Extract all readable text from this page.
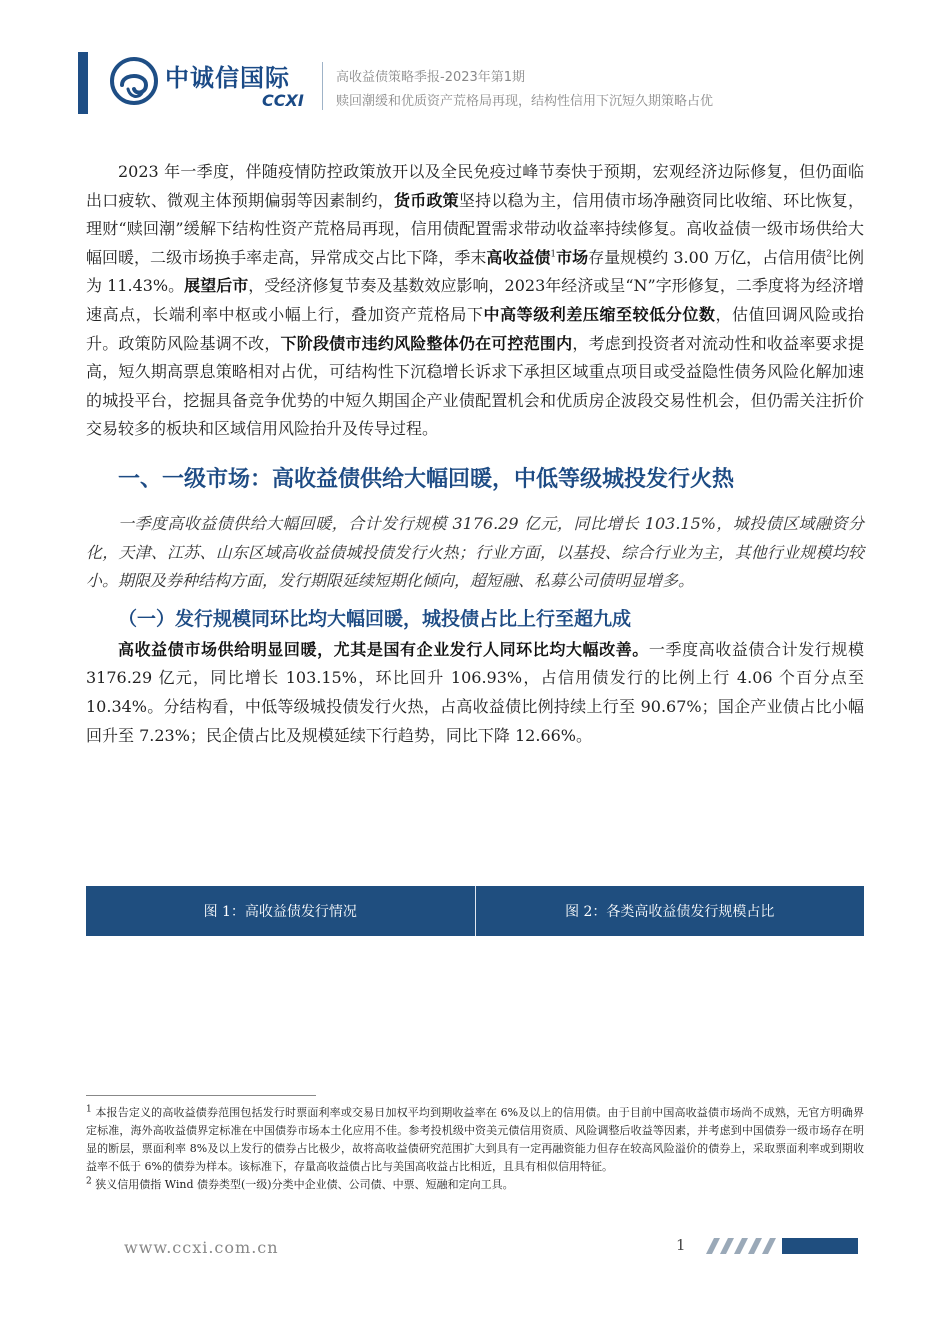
中诚信国际
CCXI
高收益债策略季报-2023年第1期
赎回潮缓和优质资产荒格局再现，结构性信用下沉短久期策略占优

2023 年一季度，伴随疫情防控政策放开以及全民免疫过峰节奏快于预期，宏观经济边际修复，但仍面临出口疲软、微观主体预期偏弱等因素制约，货币政策坚持以稳为主，信用债市场净融资同比收缩、环比恢复，理财“赎回潮”缓解下结构性资产荒格局再现，信用债配置需求带动收益率持续修复。高收益债一级市场供给大幅回暖，二级市场换手率走高，异常成交占比下降，季末高收益债$^1$市场存量规模约 3.00 万亿，占信用债$^2$比例为 11.43%。展望后市，受经济修复节奏及基数效应影响，2023年经济或呈“N”字形修复，二季度将为经济增速高点，长端利率中枢或小幅上行，叠加资产荒格局下中高等级利差压缩至较低分位数，估值回调风险或抬升。政策防风险基调不改，下阶段债市违约风险整体仍在可控范围内，考虑到投资者对流动性和收益率要求提高，短久期高票息策略相对占优，可结构性下沉稳增长诉求下承担区域重点项目或受益隐性债务风险化解加速的城投平台，挖掘具备竞争优势的中短久期国企产业债配置机会和优质房企波段交易性机会，但仍需关注折价交易较多的板块和区域信用风险抬升及传导过程。

一、一级市场：高收益债供给大幅回暖，中低等级城投发行火热

一季度高收益债供给大幅回暖，合计发行规模 3176.29 亿元，同比增长 103.15%，城投债区域融资分化，天津、江苏、山东区域高收益债城投债发行火热；行业方面，以基投、综合行业为主，其他行业规模均较小。期限及券种结构方面，发行期限延续短期化倾向，超短融、私募公司债明显增多。

（一）发行规模同环比均大幅回暖，城投债占比上行至超九成

高收益债市场供给明显回暖，尤其是国有企业发行人同环比均大幅改善。一季度高收益债合计发行规模 3176.29 亿元，同比增长 103.15%，环比回升 106.93%，占信用债发行的比例上行 4.06 个百分点至 10.34%。分结构看，中低等级城投债发行火热，占高收益债比例持续上行至 90.67%；国企产业债占比小幅回升至 7.23%；民企债占比及规模延续下行趋势，同比下降 12.66%。

图 1：高收益债发行情况	图 2：各类高收益债发行规模占比

$^1$ 本报告定义的高收益债券范围包括发行时票面利率或交易日加权平均到期收益率在 6%及以上的信用债。由于目前中国高收益债市场尚不成熟，无官方明确界定标准，海外高收益债界定标准在中国债券市场本土化应用不佳。参考投机级中资美元债信用资质、风险调整后收益等因素，并考虑到中国债券一级市场存在明显的断层，票面利率 8%及以上发行的债券占比极少，故将高收益债研究范围扩大到具有一定再融资能力但存在较高风险溢价的债券上，采取票面利率或到期收益率不低于 6%的债券为样本。该标准下，存量高收益债占比与美国高收益占比相近，且具有相似信用特征。

$^2$ 狭义信用债指 Wind 债券类型(一级)分类中企业债、公司债、中票、短融和定向工具。

www.ccxi.com.cn	1
